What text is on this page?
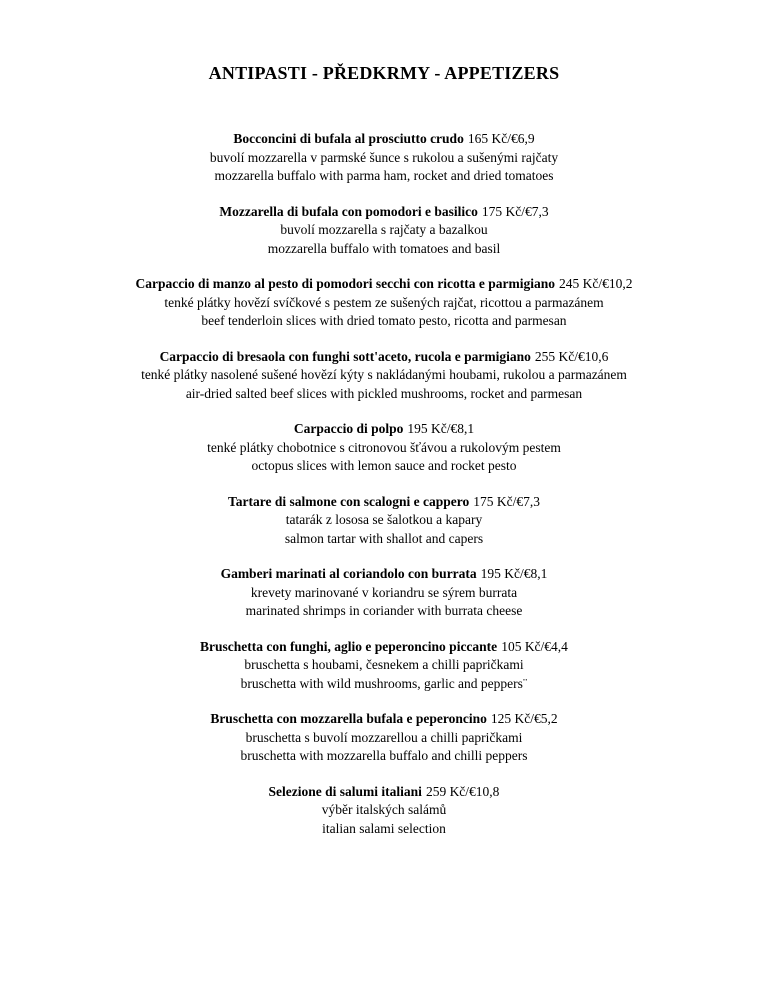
ANTIPASTI - PŘEDKRMY - APPETIZERS
Bocconcini di bufala al prosciutto crudo 165 Kč/€6,9
buvolí mozzarella v parmské šunce s rukolou a sušenými rajčaty
mozzarella buffalo with parma ham, rocket and dried tomatoes
Mozzarella di bufala con pomodori e basilico 175 Kč/€7,3
buvolí mozzarella s rajčaty a bazalkou
mozzarella buffalo with tomatoes and basil
Carpaccio di manzo al pesto di pomodori secchi con ricotta e parmigiano 245 Kč/€10,2
tenké plátky hovězí svíčkové s pestem ze sušených rajčat, ricottou a parmazánem
beef tenderloin slices with dried tomato pesto, ricotta and parmesan
Carpaccio di bresaola con funghi sott'aceto, rucola e parmigiano 255 Kč/€10,6
tenké plátky nasolené sušené hovězí kýty s nakládanými houbami, rukolou a parmazánem
air-dried salted beef slices with pickled mushrooms, rocket and parmesan
Carpaccio di polpo 195 Kč/€8,1
tenké plátky chobotnice s citronovou šťávou a rukolovým pestem
octopus slices with lemon sauce and rocket pesto
Tartare di salmone con scalogni e cappero 175 Kč/€7,3
tatarák z lososa se šalotkou a kapary
salmon tartar with shallot and capers
Gamberi marinati al coriandolo con burrata 195 Kč/€8,1
krevety marinované v koriandru se sýrem burrata
marinated shrimps in coriander with burrata cheese
Bruschetta con funghi, aglio e peperoncino piccante 105 Kč/€4,4
bruschetta s houbami, česnekem a chilli papričkami
bruschetta with wild mushrooms, garlic and peppers¨
Bruschetta con mozzarella bufala e peperoncino 125 Kč/€5,2
bruschetta s buvolí mozzarellou a chilli papričkami
bruschetta with mozzarella buffalo and chilli peppers
Selezione di salumi italiani 259 Kč/€10,8
výběr italských salámů
italian salami selection
